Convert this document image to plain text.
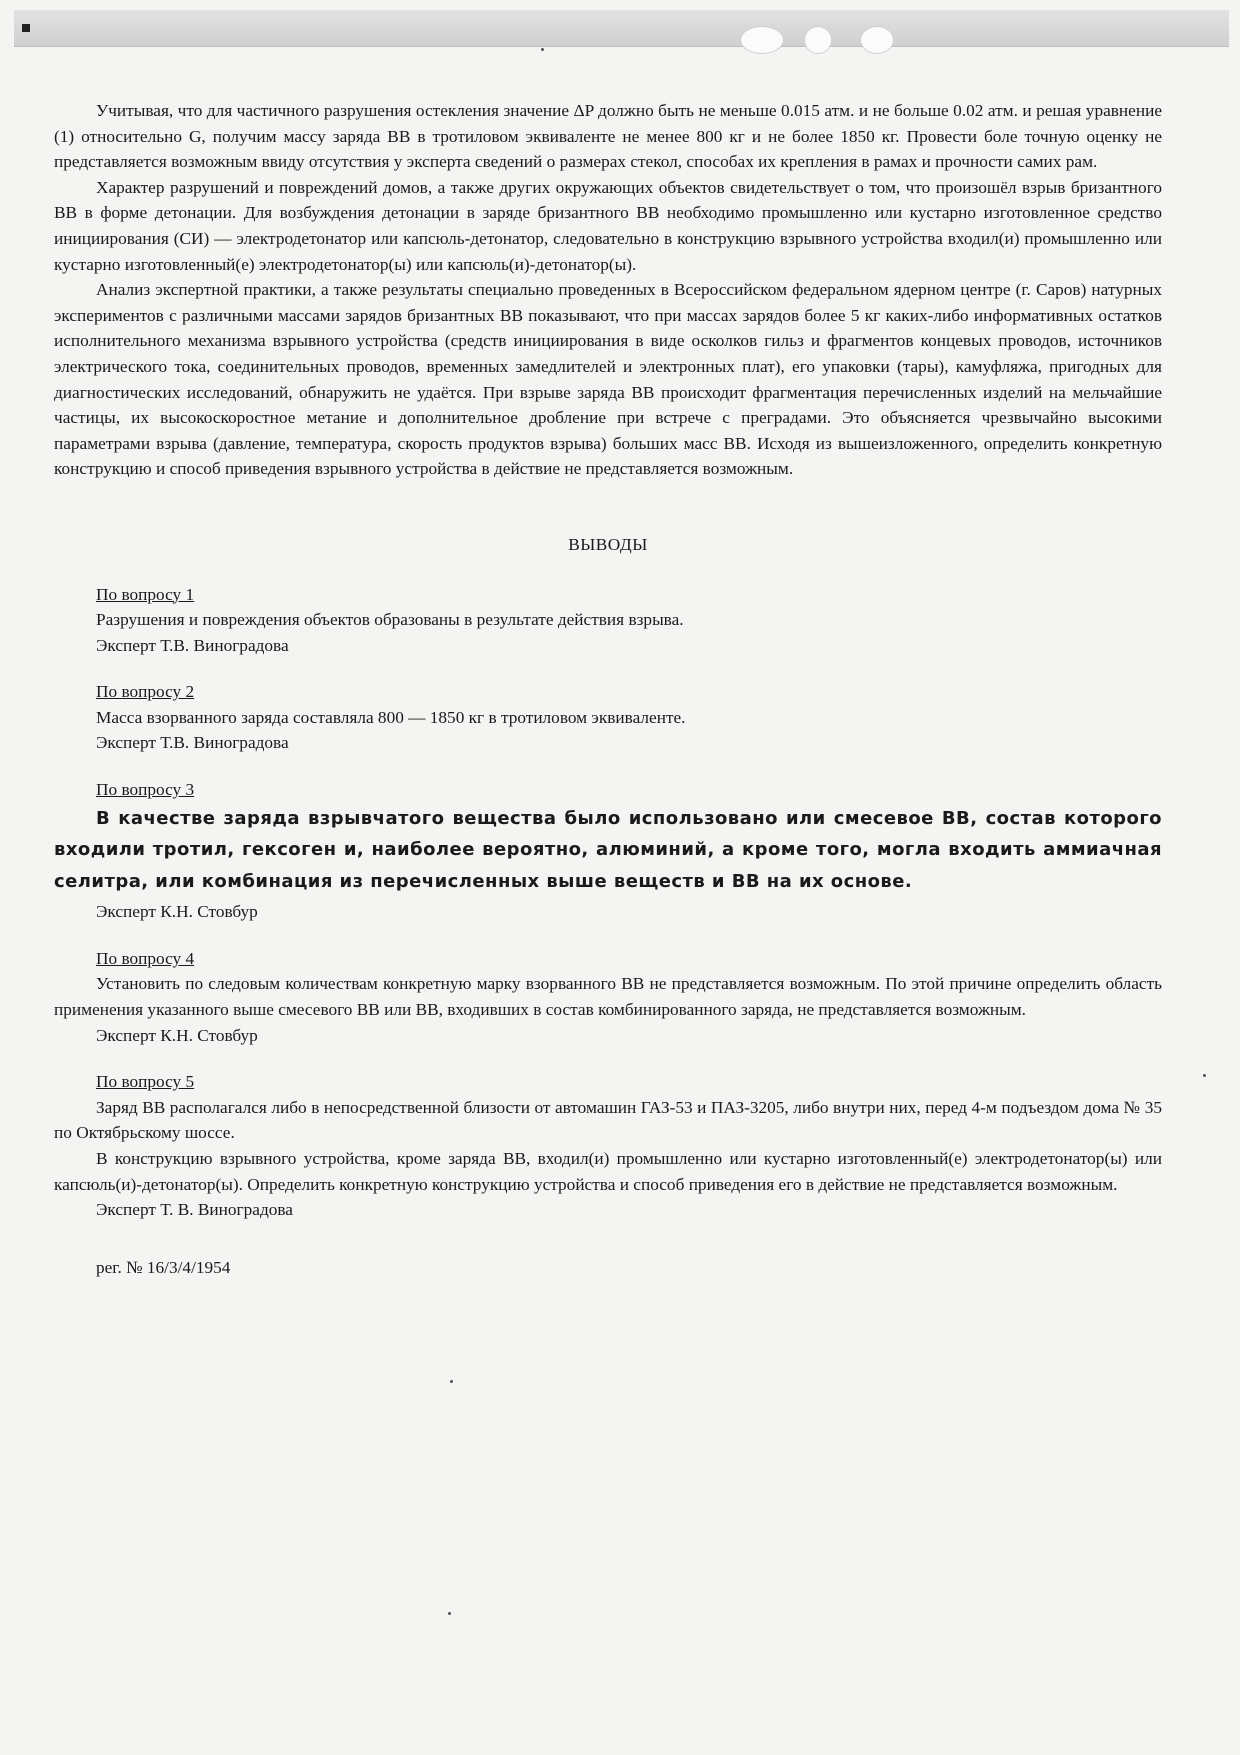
Учитывая, что для частичного разрушения остекления значение ΔP должно быть не меньше 0.015 атм. и не больше 0.02 атм. и решая уравнение (1) относительно G, получим массу заряда ВВ в тротиловом эквиваленте не менее 800 кг и не более 1850 кг. Провести боле точную оценку не представляется возможным ввиду отсутствия у эксперта сведений о размерах стекол, способах их крепления в рамах и прочности самих рам.

Характер разрушений и повреждений домов, а также других окружающих объектов свидетельствует о том, что произошёл взрыв бризантного ВВ в форме детонации. Для возбуждения детонации в заряде бризантного ВВ необходимо промышленно или кустарно изготовленное средство инициирования (СИ) — электродетонатор или капсюль-детонатор, следовательно в конструкцию взрывного устройства входил(и) промышленно или кустарно изготовленный(е) электродетонатор(ы) или капсюль(и)-детонатор(ы).

Анализ экспертной практики, а также результаты специально проведенных в Всероссийском федеральном ядерном центре (г. Саров) натурных экспериментов с различными массами зарядов бризантных ВВ показывают, что при массах зарядов более 5 кг каких-либо информативных остатков исполнительного механизма взрывного устройства (средств инициирования в виде осколков гильз и фрагментов концевых проводов, источников электрического тока, соединительных проводов, временных замедлителей и электронных плат), его упаковки (тары), камуфляжа, пригодных для диагностических исследований, обнаружить не удаётся. При взрыве заряда ВВ происходит фрагментация перечисленных изделий на мельчайшие частицы, их высокоскоростное метание и дополнительное дробление при встрече с преградами. Это объясняется чрезвычайно высокими параметрами взрыва (давление, температура, скорость продуктов взрыва) больших масс ВВ. Исходя из вышеизложенного, определить конкретную конструкцию и способ приведения взрывного устройства в действие не представляется возможным.

ВЫВОДЫ
По вопросу 1
Разрушения и повреждения объектов образованы в результате действия взрыва.
Эксперт Т.В. Виноградова
По вопросу 2
Масса взорванного заряда составляла 800 — 1850 кг в тротиловом эквиваленте.
Эксперт Т.В. Виноградова
По вопросу 3
В качестве заряда взрывчатого вещества было использовано или смесевое ВВ, состав которого входили тротил, гексоген и, наиболее вероятно, алюминий, а кроме того, могла входить аммиачная селитра, или комбинация из перечисленных выше веществ и ВВ на их основе.
Эксперт К.Н. Стовбур
По вопросу 4
Установить по следовым количествам конкретную марку взорванного ВВ не представляется возможным. По этой причине определить область применения указанного выше смесевого ВВ или ВВ, входивших в состав комбинированного заряда, не представляется возможным.
Эксперт К.Н. Стовбур
По вопросу 5
Заряд ВВ располагался либо в непосредственной близости от автомашин ГАЗ-53 и ПАЗ-3205, либо внутри них, перед 4-м подъездом дома № 35 по Октябрьскому шоссе.
В конструкцию взрывного устройства, кроме заряда ВВ, входил(и) промышленно или кустарно изготовленный(е) электродетонатор(ы) или капсюль(и)-детонатор(ы). Определить конкретную конструкцию устройства и способ приведения его в действие не представляется возможным.
Эксперт Т. В. Виноградова
рег. № 16/3/4/1954
